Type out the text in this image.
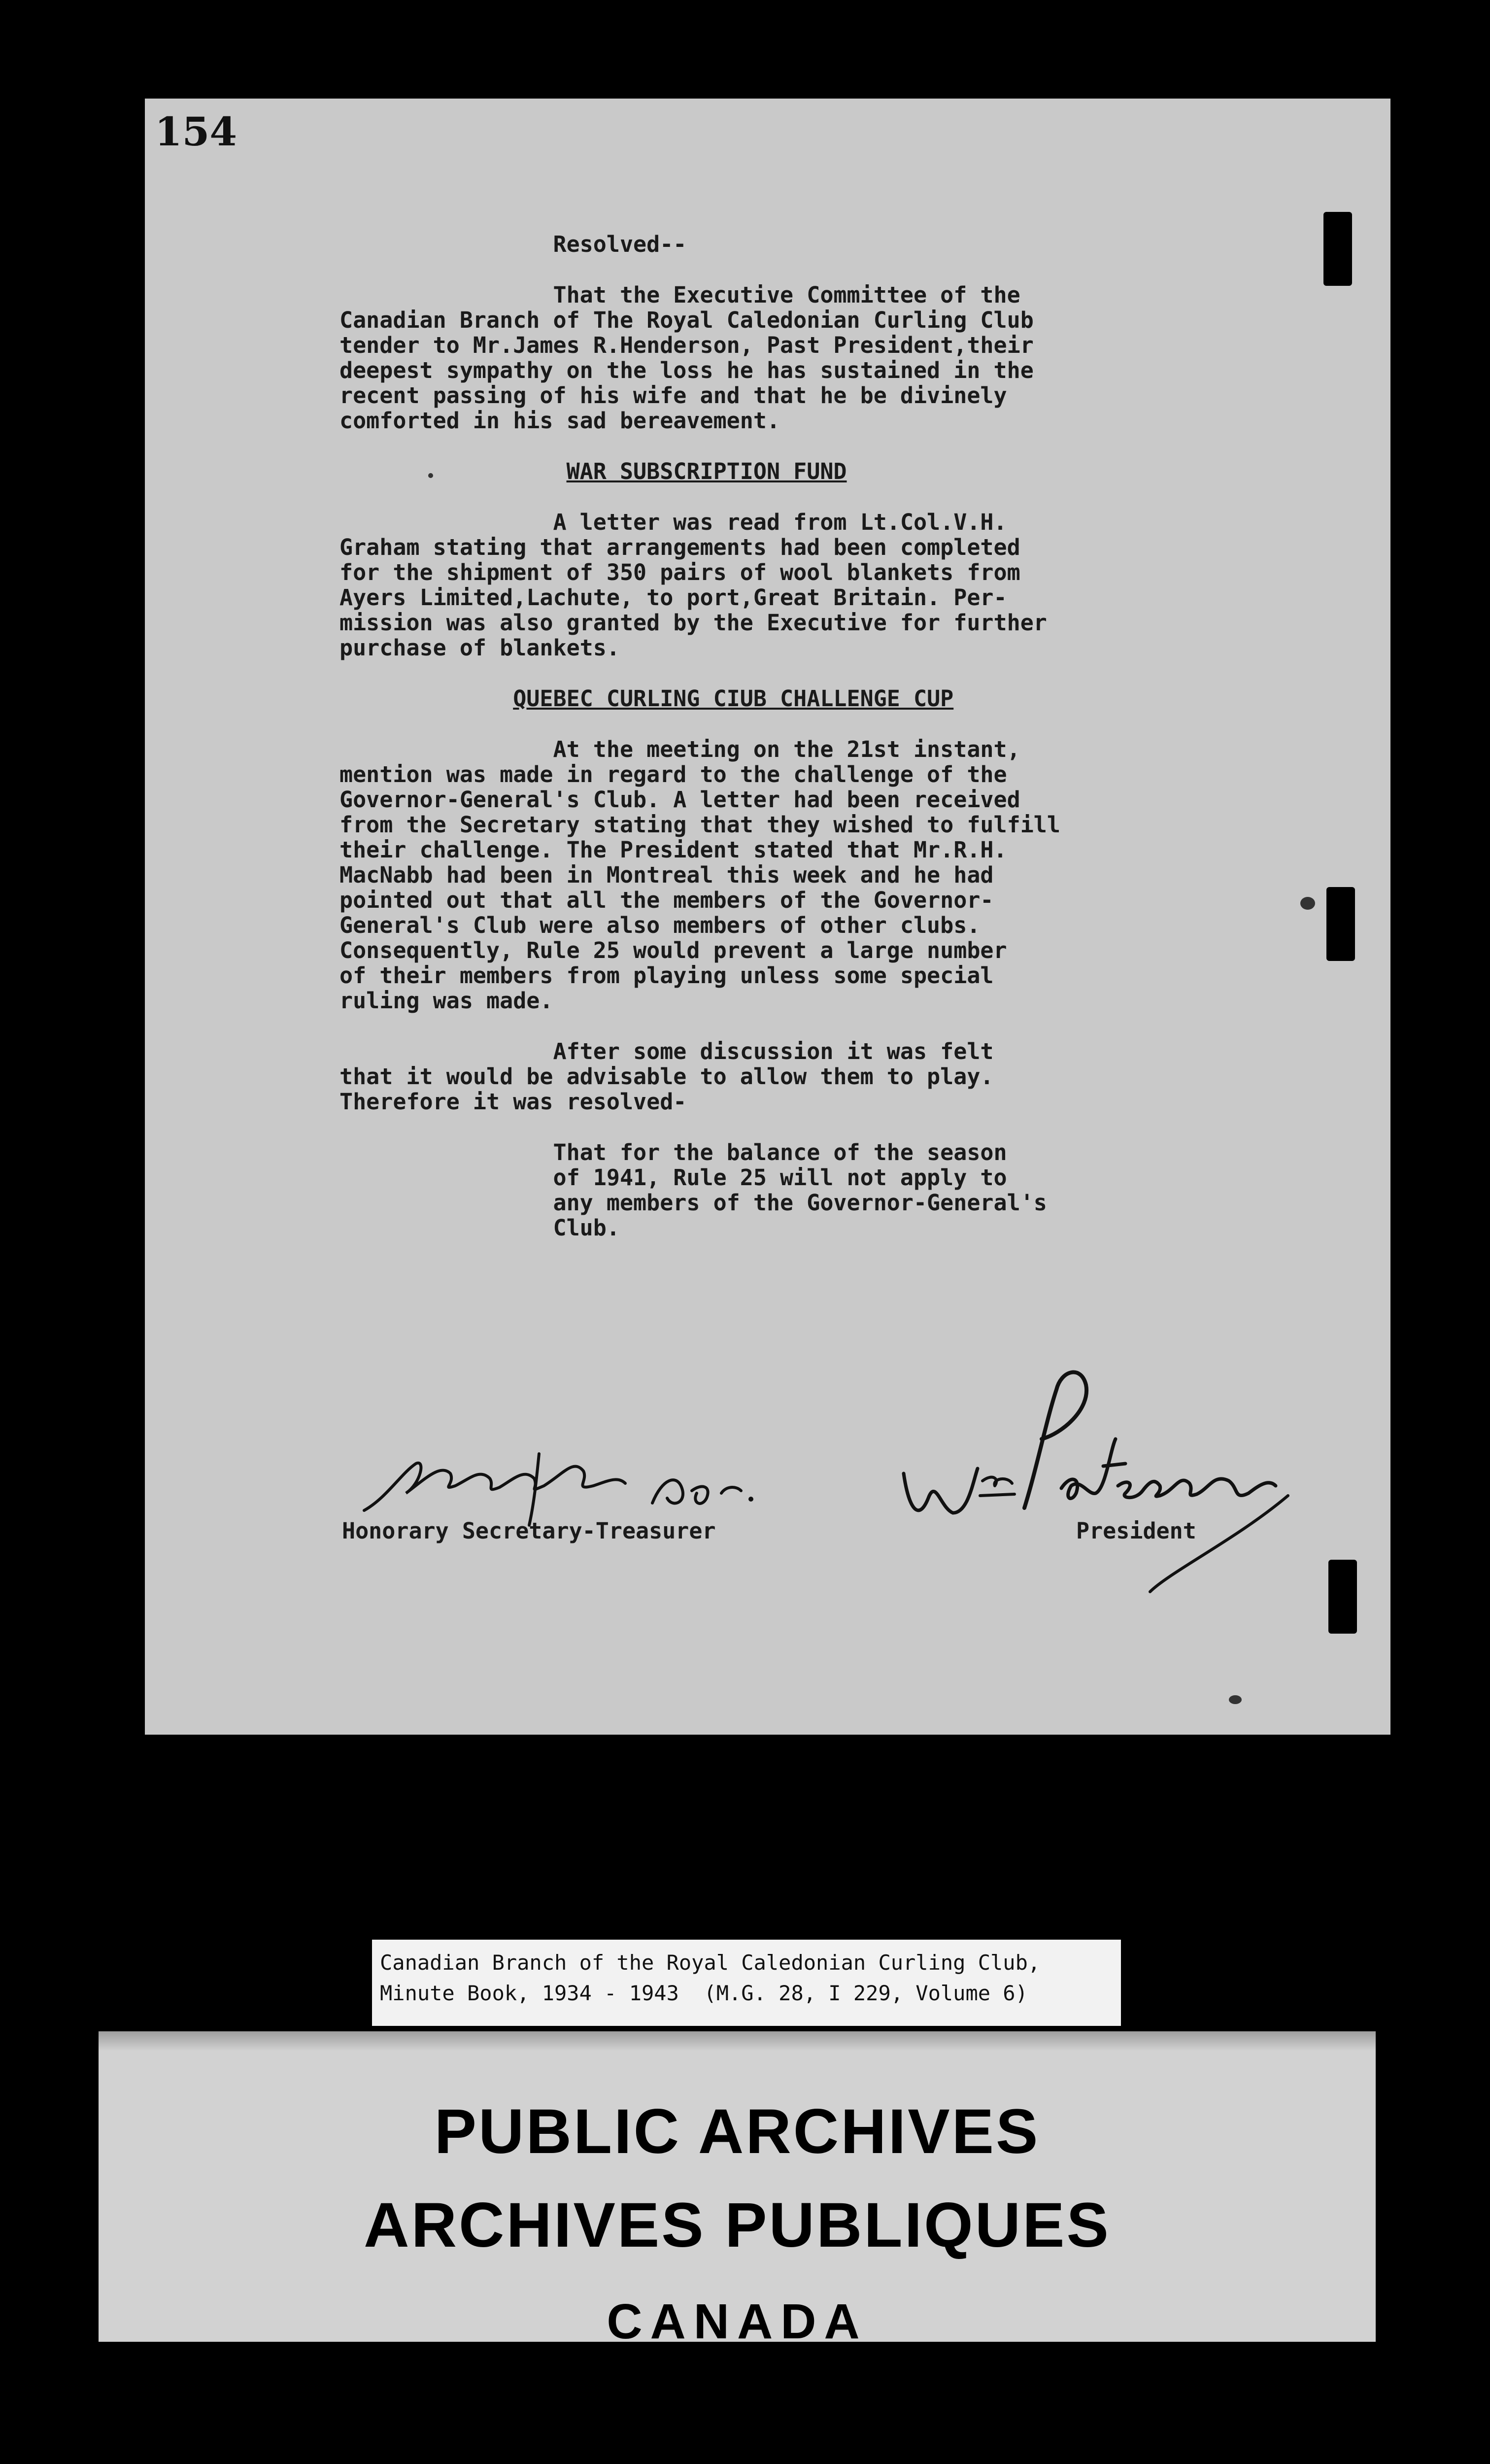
154
Resolved--
That the Executive Committee of the
Canadian Branch of The Royal Caledonian Curling Club
tender to Mr.James R.Henderson, Past President,their
deepest sympathy on the loss he has sustained in the
recent passing of his wife and that he be divinely
comforted in his sad bereavement.
WAR SUBSCRIPTION FUND
A letter was read from Lt.Col.V.H.
Graham stating that arrangements had been completed
for the shipment of 350 pairs of wool blankets from
Ayers Limited,Lachute, to port,Great Britain. Per-
mission was also granted by the Executive for further
purchase of blankets.
QUEBEC CURLING CIUB CHALLENGE CUP
At the meeting on the 21st instant,
mention was made in regard to the challenge of the
Governor-General's Club. A letter had been received
from the Secretary stating that they wished to fulfill
their challenge. The President stated that Mr.R.H.
MacNabb had been in Montreal this week and he had
pointed out that all the members of the Governor-
General's Club were also members of other clubs.
Consequently, Rule 25 would prevent a large number
of their members from playing unless some special
ruling was made.
After some discussion it was felt
that it would be advisable to allow them to play.
Therefore it was resolved-
That for the balance of the season
of 1941, Rule 25 will not apply to
any members of the Governor-General's
Club.
Honorary Secretary-Treasurer	President
Canadian Branch of the Royal Caledonian Curling Club,
Minute Book, 1934 - 1943  (M.G. 28, I 229, Volume 6)
PUBLIC ARCHIVES
ARCHIVES PUBLIQUES
CANADA
